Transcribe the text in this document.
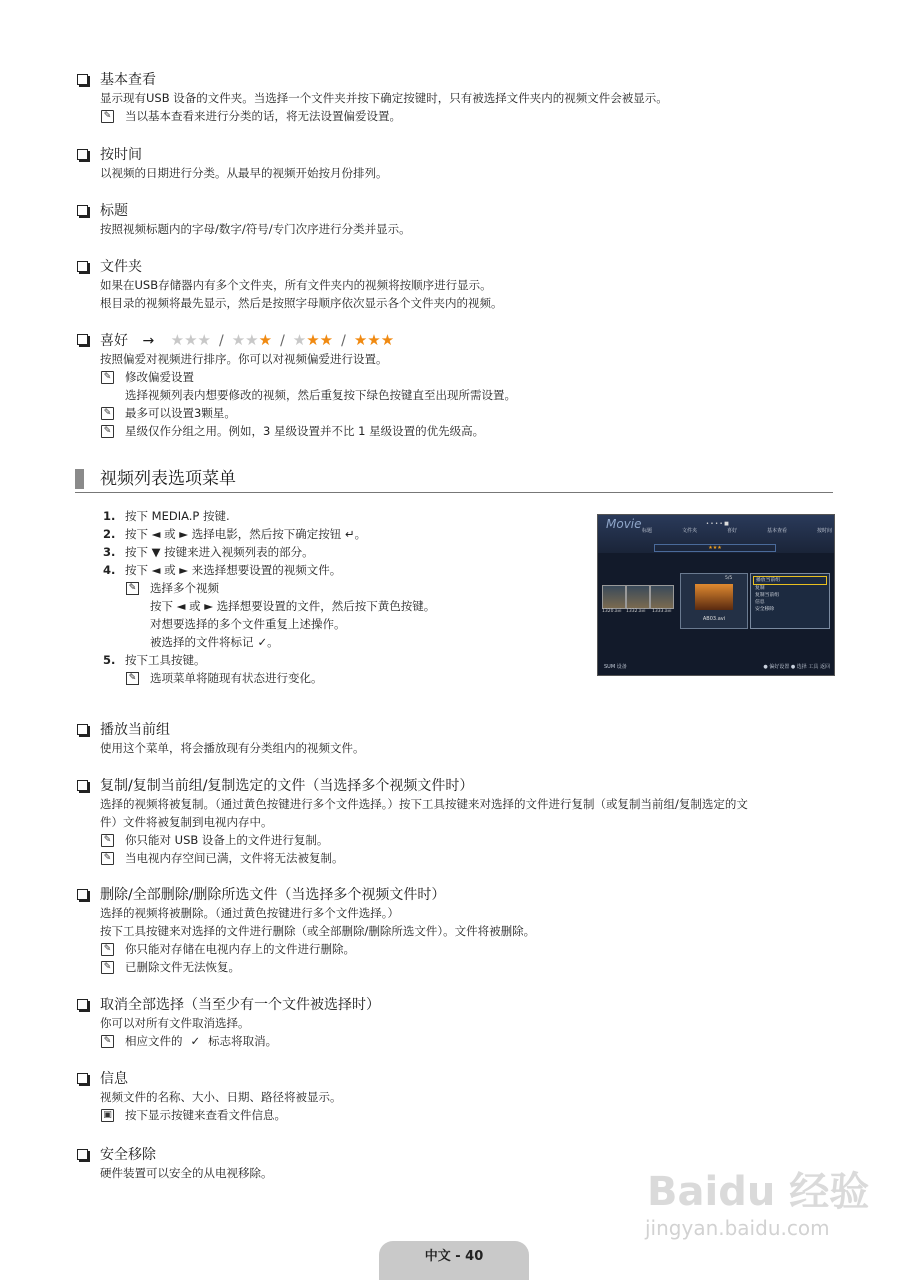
基本查看
显示现有USB 设备的文件夹。当选择一个文件夹并按下确定按键时，只有被选择文件夹内的视频文件会被显示。
✎ 当以基本查看来进行分类的话，将无法设置偏爱设置。
按时间
以视频的日期进行分类。从最早的视频开始按月份排列。
标题
按照视频标题内的字母/数字/符号/专门次序进行分类并显示。
文件夹
如果在USB存储器内有多个文件夹，所有文件夹内的视频将按顺序进行显示。
根目录的视频将最先显示，然后是按照字母顺序依次显示各个文件夹内的视频。
喜好 → ★★★ / ★★★ / ★★★ / ★★★
按照偏爱对视频进行排序。你可以对视频偏爱进行设置。
✎ 修改偏爱设置
选择视频列表内想要修改的视频，然后重复按下绿色按键直至出现所需设置。
✎ 最多可以设置3颗星。
✎ 星级仅作分组之用。例如，3 星级设置并不比 1 星级设置的优先级高。
视频列表选项菜单
1. 按下 MEDIA.P 按键.
2. 按下 ◄ 或 ► 选择电影，然后按下确定按钮 ↵。
3. 按下 ▼ 按键来进入视频列表的部分。
4. 按下 ◄ 或 ► 来选择想要设置的视频文件。
✎ 选择多个视频
按下 ◄ 或 ► 选择想要设置的文件，然后按下黄色按键。
对想要选择的多个文件重复上述操作。
被选择的文件将标记 ✓。
5. 按下工具按键。
✎ 选项菜单将随现有状态进行变化。
Movie	• • • • ■
标题	文件夹	喜好	基本查看	按时间
★★★
1320.avi 1332.avi 1333.avi
5/5
AB03.avi
播放当前组
复制
复制当前组
信息
安全移除
SUM 设备	● 偏好设置 ● 选择 工具 返回
播放当前组
使用这个菜单，将会播放现有分类组内的视频文件。
复制/复制当前组/复制选定的文件（当选择多个视频文件时）
选择的视频将被复制。（通过黄色按键进行多个文件选择。）按下工具按键来对选择的文件进行复制（或复制当前组/复制选定的文
件）文件将被复制到电视内存中。
✎ 你只能对 USB 设备上的文件进行复制。
✎ 当电视内存空间已满，文件将无法被复制。
删除/全部删除/删除所选文件（当选择多个视频文件时）
选择的视频将被删除。（通过黄色按键进行多个文件选择。）
按下工具按键来对选择的文件进行删除（或全部删除/删除所选文件）。文件将被删除。
✎ 你只能对存储在电视内存上的文件进行删除。
✎ 已删除文件无法恢复。
取消全部选择（当至少有一个文件被选择时）
你可以对所有文件取消选择。
✎ 相应文件的 ✓ 标志将取消。
信息
视频文件的名称、大小、日期、路径将被显示。
▣ 按下显示按键来查看文件信息。
安全移除
硬件装置可以安全的从电视移除。	Baidu 经验
jingyan.baidu.com
中文 - 40
